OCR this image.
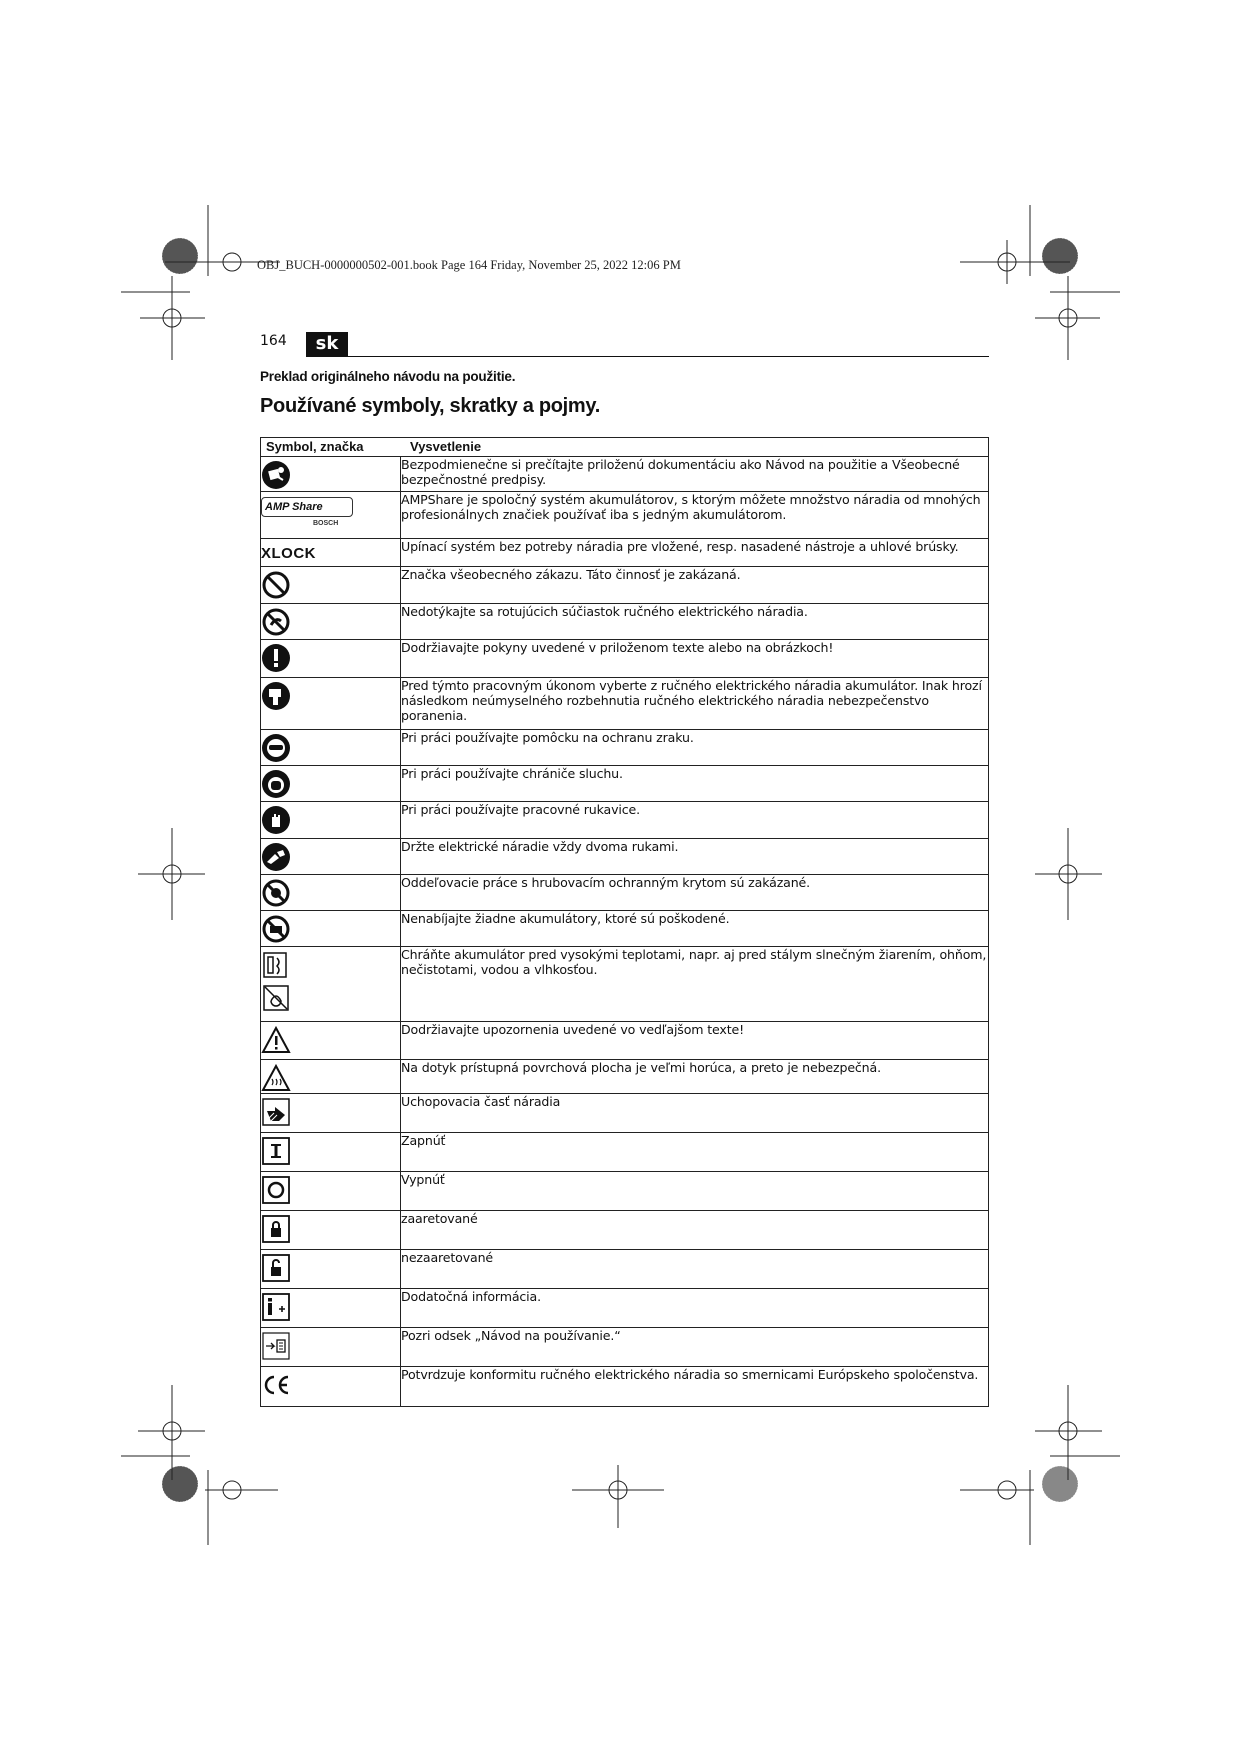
OBJ_BUCH-0000000502-001.book Page 164 Friday, November 25, 2022 12:06 PM
164	sk
Preklad originálneho návodu na použitie.
Používané symboly, skratky a pojmy.
Symbol, značka Vysvetlenie	

	Bezpodmienečne si prečítajte priloženú dokumentáciu ako Návod na použitie a Všeobecné bezpečnostné predpisy.

AMP Share
BOSCH	AMPShare je spoločný systém akumulátorov, s ktorým môžete množstvo náradia od mnohých profesionálnych značiek používať iba s jedným akumulátorom.

XLOCK	Upínací systém bez potreby náradia pre vložené, resp. nasadené nástroje a uhlové brúsky.

	Značka všeobecného zákazu. Táto činnosť je zakázaná.

	Nedotýkajte sa rotujúcich súčiastok ručného elektrického náradia.

	Dodržiavajte pokyny uvedené v priloženom texte alebo na obrázkoch!

	Pred týmto pracovným úkonom vyberte z ručného elektrického náradia akumulátor. Inak hrozí následkom neúmyselného rozbehnutia ručného elektrického náradia nebezpečenstvo poranenia.

	Pri práci používajte pomôcku na ochranu zraku.

	Pri práci používajte chrániče sluchu.

	Pri práci používajte pracovné rukavice.

	Držte elektrické náradie vždy dvoma rukami.

	Oddeľovacie práce s hrubovacím ochranným krytom sú zakázané.

	Nenabíjajte žiadne akumulátory, ktoré sú poškodené.

	Chráňte akumulátor pred vysokými teplotami, napr. aj pred stálym slnečným žiarením, ohňom, nečistotami, vodou a vlhkosťou.

	Dodržiavajte upozornenia uvedené vo vedľajšom texte!

	Na dotyk prístupná povrchová plocha je veľmi horúca, a preto je nebezpečná.

	Uchopovacia časť náradia

	Zapnúť

	Vypnúť

	zaaretované

	nezaaretované

	Dodatočná informácia.

	Pozri odsek „Návod na používanie.“

	Potvrdzuje konformitu ručného elektrického náradia so smernicami Európskeho spoločenstva.
